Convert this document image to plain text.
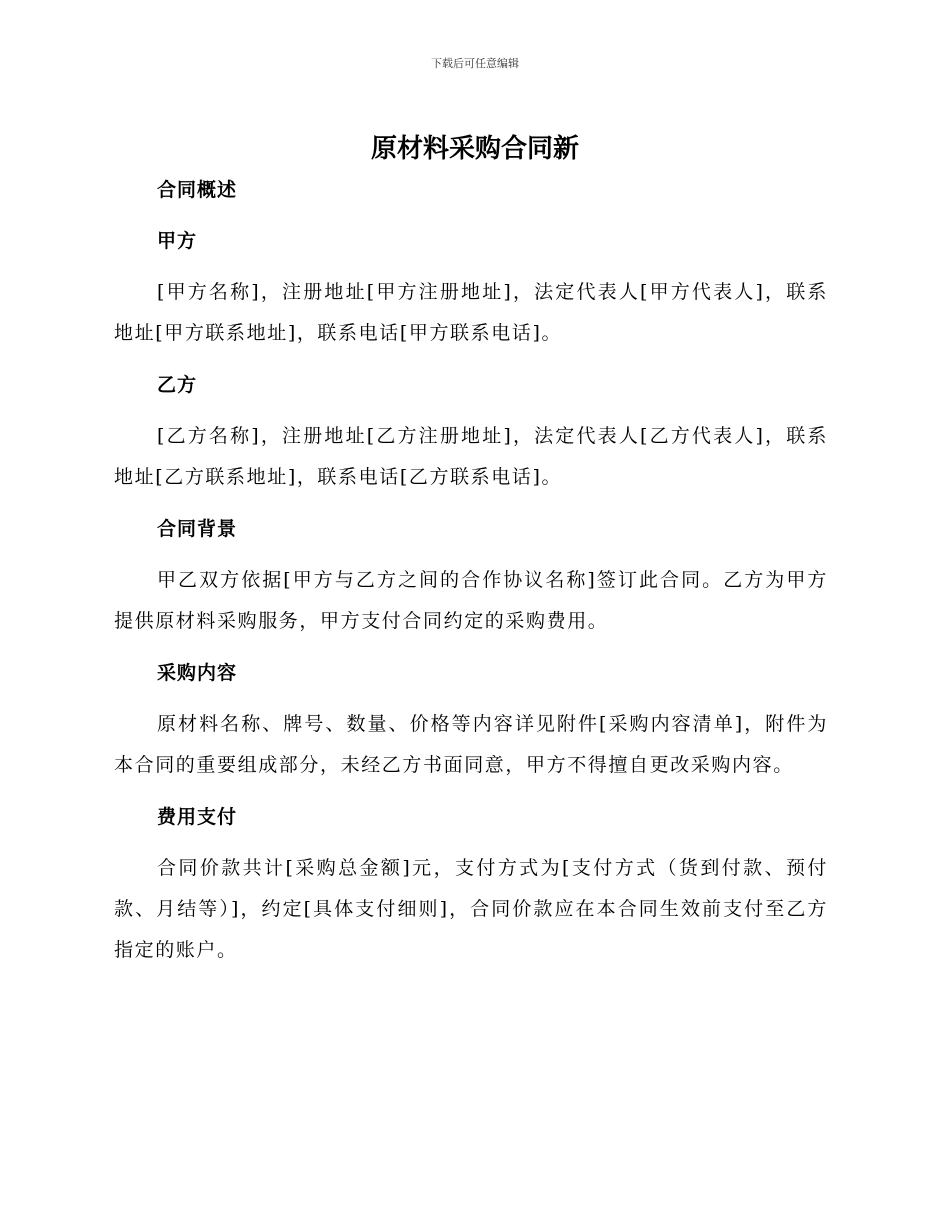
下载后可任意编辑
原材料采购合同新
合同概述
甲方

[甲方名称]，注册地址[甲方注册地址]，法定代表人[甲方代表人]，联系地址[甲方联系地址]，联系电话[甲方联系电话]。

乙方

[乙方名称]，注册地址[乙方注册地址]，法定代表人[乙方代表人]，联系地址[乙方联系地址]，联系电话[乙方联系电话]。

合同背景

甲乙双方依据[甲方与乙方之间的合作协议名称]签订此合同。乙方为甲方提供原材料采购服务，甲方支付合同约定的采购费用。

采购内容

原材料名称、牌号、数量、价格等内容详见附件[采购内容清单]，附件为本合同的重要组成部分，未经乙方书面同意，甲方不得擅自更改采购内容。

费用支付

合同价款共计[采购总金额]元，支付方式为[支付方式（货到付款、预付款、月结等）]，约定[具体支付细则]，合同价款应在本合同生效前支付至乙方指定的账户。
